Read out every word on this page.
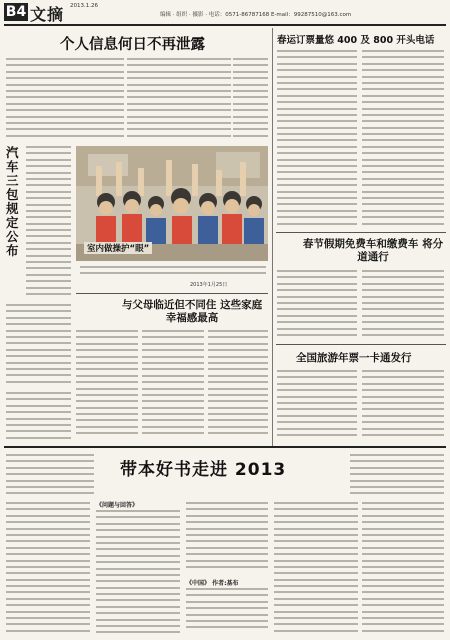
B4 文摘 2013.1.26
编辑 · 组织 · 摄影 · 电话：0571-86787168 E-mail：99287510@163.com
个人信息何日不再泄露
汽车三包规定公布	室内做操护“眼”
2013年1月25日
与父母临近但不同住 这些家庭幸福感最高
春运订票量悠 400 及 800 开头电话
春节假期免费车和缴费车 将分道通行
全国旅游年票一卡通发行
带本好书走进 2013
《问题与回答》
《中国》 作者:基布
